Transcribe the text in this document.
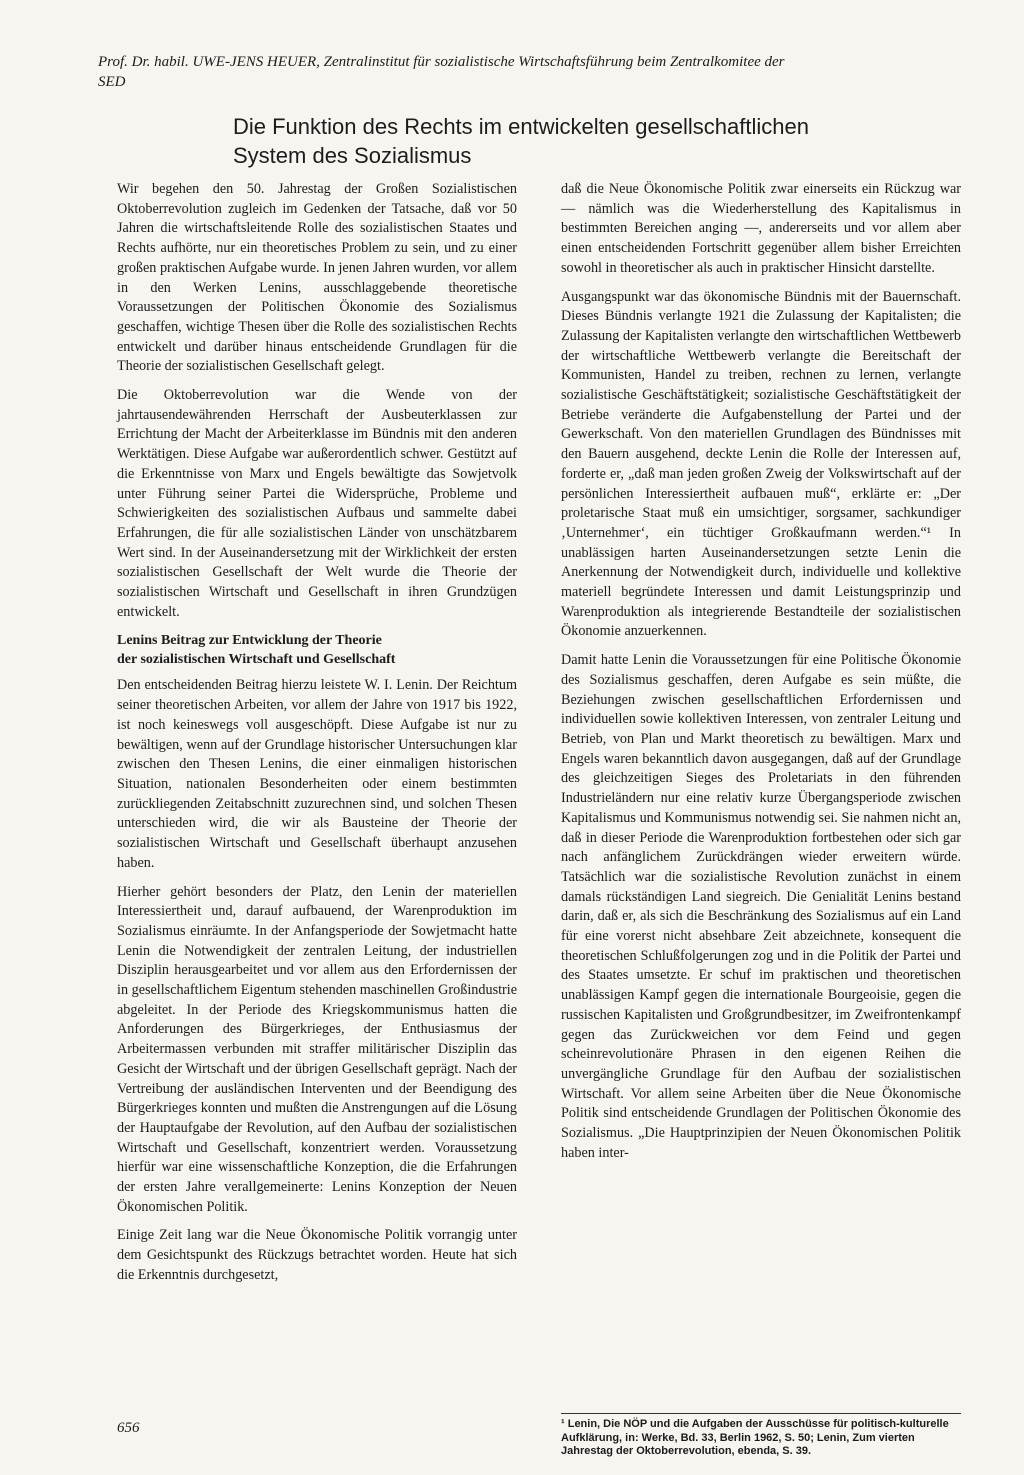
Prof. Dr. habil. UWE-JENS HEUER, Zentralinstitut für sozialistische Wirtschaftsführung beim Zentralkomitee der SED
Die Funktion des Rechts im entwickelten gesellschaftlichen
System des Sozialismus

Wir begehen den 50. Jahrestag der Großen Sozialistischen Oktoberrevolution zugleich im Gedenken der Tatsache, daß vor 50 Jahren die wirtschaftsleitende Rolle des sozialistischen Staates und Rechts aufhörte, nur ein theoretisches Problem zu sein, und zu einer großen praktischen Aufgabe wurde. In jenen Jahren wurden, vor allem in den Werken Lenins, ausschlaggebende theoretische Voraussetzungen der Politischen Ökonomie des Sozialismus geschaffen, wichtige Thesen über die Rolle des sozialistischen Rechts entwickelt und darüber hinaus entscheidende Grundlagen für die Theorie der sozialistischen Gesellschaft gelegt.

Die Oktoberrevolution war die Wende von der jahrtausendewährenden Herrschaft der Ausbeuterklassen zur Errichtung der Macht der Arbeiterklasse im Bündnis mit den anderen Werktätigen. Diese Aufgabe war außerordentlich schwer. Gestützt auf die Erkenntnisse von Marx und Engels bewältigte das Sowjetvolk unter Führung seiner Partei die Widersprüche, Probleme und Schwierigkeiten des sozialistischen Aufbaus und sammelte dabei Erfahrungen, die für alle sozialistischen Länder von unschätzbarem Wert sind. In der Auseinandersetzung mit der Wirklichkeit der ersten sozialistischen Gesellschaft der Welt wurde die Theorie der sozialistischen Wirtschaft und Gesellschaft in ihren Grundzügen entwickelt.

Lenins Beitrag zur Entwicklung der Theorie
der sozialistischen Wirtschaft und Gesellschaft

Den entscheidenden Beitrag hierzu leistete W. I. Lenin. Der Reichtum seiner theoretischen Arbeiten, vor allem der Jahre von 1917 bis 1922, ist noch keineswegs voll ausgeschöpft. Diese Aufgabe ist nur zu bewältigen, wenn auf der Grundlage historischer Untersuchungen klar zwischen den Thesen Lenins, die einer einmaligen historischen Situation, nationalen Besonderheiten oder einem bestimmten zurückliegenden Zeitabschnitt zuzurechnen sind, und solchen Thesen unterschieden wird, die wir als Bausteine der Theorie der sozialistischen Wirtschaft und Gesellschaft überhaupt anzusehen haben.

Hierher gehört besonders der Platz, den Lenin der materiellen Interessiertheit und, darauf aufbauend, der Warenproduktion im Sozialismus einräumte. In der Anfangsperiode der Sowjetmacht hatte Lenin die Notwendigkeit der zentralen Leitung, der industriellen Disziplin herausgearbeitet und vor allem aus den Erfordernissen der in gesellschaftlichem Eigentum stehenden maschinellen Großindustrie abgeleitet. In der Periode des Kriegskommunismus hatten die Anforderungen des Bürgerkrieges, der Enthusiasmus der Arbeitermassen verbunden mit straffer militärischer Disziplin das Gesicht der Wirtschaft und der übrigen Gesellschaft geprägt. Nach der Vertreibung der ausländischen Interventen und der Beendigung des Bürgerkrieges konnten und mußten die Anstrengungen auf die Lösung der Hauptaufgabe der Revolution, auf den Aufbau der sozialistischen Wirtschaft und Gesellschaft, konzentriert werden. Voraussetzung hierfür war eine wissenschaftliche Konzeption, die die Erfahrungen der ersten Jahre verallgemeinerte: Lenins Konzeption der Neuen Ökonomischen Politik.

Einige Zeit lang war die Neue Ökonomische Politik vorrangig unter dem Gesichtspunkt des Rückzugs betrachtet worden. Heute hat sich die Erkenntnis durchgesetzt,

daß die Neue Ökonomische Politik zwar einerseits ein Rückzug war — nämlich was die Wiederherstellung des Kapitalismus in bestimmten Bereichen anging —, andererseits und vor allem aber einen entscheidenden Fortschritt gegenüber allem bisher Erreichten sowohl in theoretischer als auch in praktischer Hinsicht darstellte.

Ausgangspunkt war das ökonomische Bündnis mit der Bauernschaft. Dieses Bündnis verlangte 1921 die Zulassung der Kapitalisten; die Zulassung der Kapitalisten verlangte den wirtschaftlichen Wettbewerb der wirtschaftliche Wettbewerb verlangte die Bereitschaft der Kommunisten, Handel zu treiben, rechnen zu lernen, verlangte sozialistische Geschäftstätigkeit; sozialistische Geschäftstätigkeit der Betriebe veränderte die Aufgabenstellung der Partei und der Gewerkschaft. Von den materiellen Grundlagen des Bündnisses mit den Bauern ausgehend, deckte Lenin die Rolle der Interessen auf, forderte er, „daß man jeden großen Zweig der Volkswirtschaft auf der persönlichen Interessiertheit aufbauen muß“, erklärte er: „Der proletarische Staat muß ein umsichtiger, sorgsamer, sachkundiger ‚Unternehmer‘, ein tüchtiger Großkaufmann werden.“¹ In unablässigen harten Auseinandersetzungen setzte Lenin die Anerkennung der Notwendigkeit durch, individuelle und kollektive materiell begründete Interessen und damit Leistungsprinzip und Warenproduktion als integrierende Bestandteile der sozialistischen Ökonomie anzuerkennen.

Damit hatte Lenin die Voraussetzungen für eine Politische Ökonomie des Sozialismus geschaffen, deren Aufgabe es sein müßte, die Beziehungen zwischen gesellschaftlichen Erfordernissen und individuellen sowie kollektiven Interessen, von zentraler Leitung und Betrieb, von Plan und Markt theoretisch zu bewältigen. Marx und Engels waren bekanntlich davon ausgegangen, daß auf der Grundlage des gleichzeitigen Sieges des Proletariats in den führenden Industrieländern nur eine relativ kurze Übergangsperiode zwischen Kapitalismus und Kommunismus notwendig sei. Sie nahmen nicht an, daß in dieser Periode die Warenproduktion fortbestehen oder sich gar nach anfänglichem Zurückdrängen wieder erweitern würde. Tatsächlich war die sozialistische Revolution zunächst in einem damals rückständigen Land siegreich. Die Genialität Lenins bestand darin, daß er, als sich die Beschränkung des Sozialismus auf ein Land für eine vorerst nicht absehbare Zeit abzeichnete, konsequent die theoretischen Schlußfolgerungen zog und in die Politik der Partei und des Staates umsetzte. Er schuf im praktischen und theoretischen unablässigen Kampf gegen die internationale Bourgeoisie, gegen die russischen Kapitalisten und Großgrundbesitzer, im Zweifrontenkampf gegen das Zurückweichen vor dem Feind und gegen scheinrevolutionäre Phrasen in den eigenen Reihen die unvergängliche Grundlage für den Aufbau der sozialistischen Wirtschaft. Vor allem seine Arbeiten über die Neue Ökonomische Politik sind entscheidende Grundlagen der Politischen Ökonomie des Sozialismus. „Die Hauptprinzipien der Neuen Ökonomischen Politik haben inter-

¹ Lenin, Die NÖP und die Aufgaben der Ausschüsse für politisch-kulturelle Aufklärung, in: Werke, Bd. 33, Berlin 1962, S. 50; Lenin, Zum vierten Jahrestag der Oktoberrevolution, ebenda, S. 39.
656
